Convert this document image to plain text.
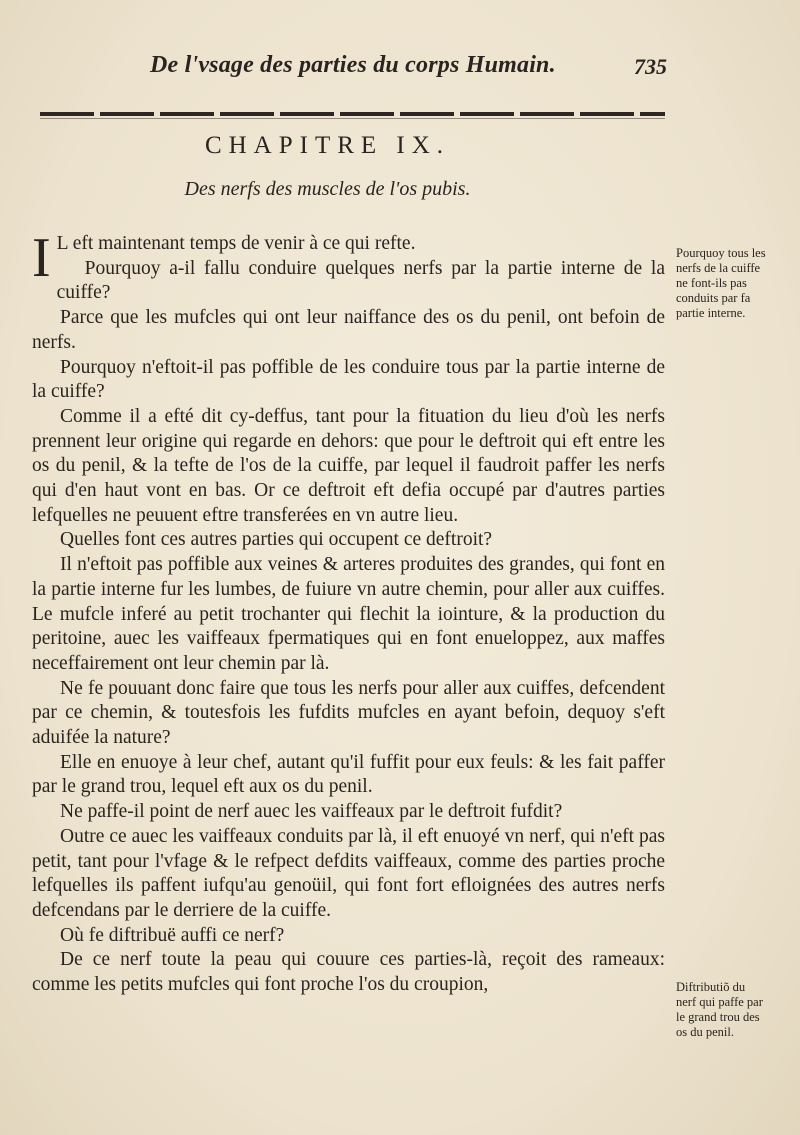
De l'vsage des parties du corps Humain.	735
CHAPITRE IX.
Des nerfs des muscles de l'os pubis.

I L eft maintenant temps de venir à ce qui refte.

Pourquoy a-il fallu conduire quelques nerfs par la partie interne de la cuiffe?

Parce que les mufcles qui ont leur naiffance des os du penil, ont befoin de nerfs.

Pourquoy n'eftoit-il pas poffible de les conduire tous par la partie interne de la cuiffe?

Comme il a efté dit cy-deffus, tant pour la fituation du lieu d'où les nerfs prennent leur origine qui regarde en dehors: que pour le deftroit qui eft entre les os du penil, & la tefte de l'os de la cuiffe, par lequel il faudroit paffer les nerfs qui d'en haut vont en bas. Or ce deftroit eft defia occupé par d'autres parties lefquelles ne peuuent eftre transferées en vn autre lieu.

Quelles font ces autres parties qui occupent ce deftroit?

Il n'eftoit pas poffible aux veines & arteres produites des grandes, qui font en la partie interne fur les lumbes, de fuiure vn autre chemin, pour aller aux cuiffes. Le mufcle inferé au petit trochanter qui flechit la iointure, & la production du peritoine, auec les vaiffeaux fpermatiques qui en font enueloppez, aux maffes neceffairement ont leur chemin par là.

Ne fe pouuant donc faire que tous les nerfs pour aller aux cuiffes, defcendent par ce chemin, & toutesfois les fufdits mufcles en ayant befoin, dequoy s'eft aduifée la nature?

Elle en enuoye à leur chef, autant qu'il fuffit pour eux feuls: & les fait paffer par le grand trou, lequel eft aux os du penil.

Ne paffe-il point de nerf auec les vaiffeaux par le deftroit fufdit?

Outre ce auec les vaiffeaux conduits par là, il eft enuoyé vn nerf, qui n'eft pas petit, tant pour l'vfage & le refpect defdits vaiffeaux, comme des parties proche lefquelles ils paffent iufqu'au genoüil, qui font fort efloignées des autres nerfs defcendans par le derriere de la cuiffe.

Où fe diftribuë auffi ce nerf?

De ce nerf toute la peau qui couure ces parties-là, reçoit des rameaux: comme les petits mufcles qui font proche l'os du croupion,

Pourquoy tous les nerfs de la cuiffe ne font-ils pas conduits par fa partie interne.
Diftributiõ du nerf qui paffe par le grand trou des os du penil.
